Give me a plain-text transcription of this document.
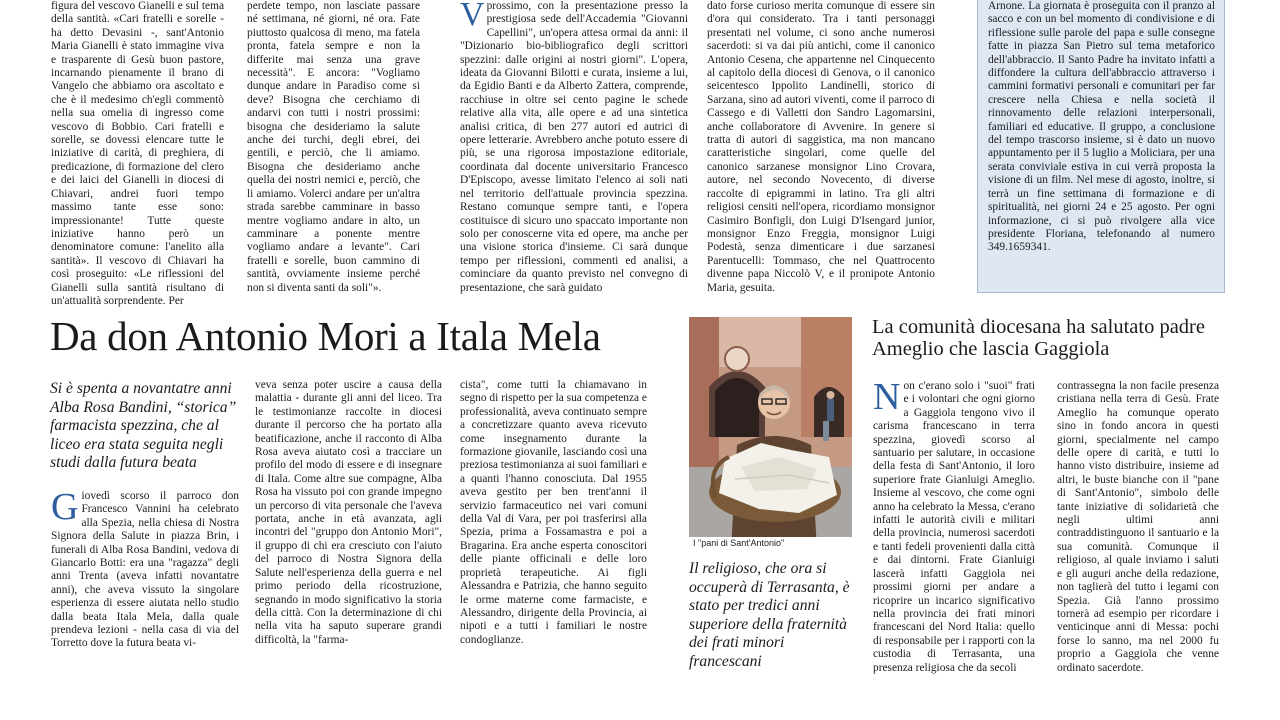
figura del vescovo Gianelli e sul tema della santità. «Cari fratelli e sorelle - ha detto Devasini -, sant'Antonio Maria Gianelli è stato immagine viva e trasparente di Gesù buon pastore, incarnando pienamente il brano di Vangelo che abbiamo ora ascoltato e che è il medesimo ch'egli commentò nella sua omelia di ingresso come vescovo di Bobbio. Cari fratelli e sorelle, se dovessi elencare tutte le iniziative di carità, di preghiera, di predicazione, di formazione del clero e dei laici del Gianelli in diocesi di Chiavari, andrei fuori tempo massimo tante esse sono: impressionante! Tutte queste iniziative hanno però un denominatore comune: l'anelito alla santità». Il vescovo di Chiavari ha così proseguito: «Le riflessioni del Gianelli sulla santità risultano di un'attualità sorprendente. Per

perdete tempo, non lasciate passare né settimana, né giorni, né ora. Fate piuttosto qualcosa di meno, ma fatela pronta, fatela sempre e non la differite mai senza una grave necessità". E ancora: "Vogliamo dunque andare in Paradiso come si deve? Bisogna che cerchiamo di andarvi con tutti i nostri prossimi: bisogna che desideriamo la salute anche dei turchi, degli ebrei, dei gentili, e perciò, che li amiamo. Bisogna che desideriamo anche quella dei nostri nemici e, perciò, che li amiamo. Volerci andare per un'altra strada sarebbe camminare in basso mentre vogliamo andare in alto, un camminare a ponente mentre vogliamo andare a levante". Cari fratelli e sorelle, buon cammino di santità, ovviamente insieme perché non si diventa santi da soli"».

Vprossimo, con la presentazione presso la prestigiosa sede dell'Accademia "Giovanni Capellini", un'opera attesa ormai da anni: il "Dizionario bio-bibliografico degli scrittori spezzini: dalle origini ai nostri giorni". L'opera, ideata da Giovanni Bilotti e curata, insieme a lui, da Egidio Banti e da Alberto Zattera, comprende, racchiuse in oltre sei cento pagine le schede relative alla vita, alle opere e ad una sintetica analisi critica, di ben 277 autori ed autrici di opere letterarie. Avrebbero anche potuto essere di più, se una rigorosa impostazione editoriale, coordinata dal docente universitario Francesco D'Episcopo, avesse limitato l'elenco ai soli nati nel territorio dell'attuale provincia spezzina. Restano comunque sempre tanti, e l'opera costituisce di sicuro uno spaccato importante non solo per conoscerne vita ed opere, ma anche per una visione storica d'insieme. Ci sarà dunque tempo per riflessioni, commenti ed analisi, a cominciare da quanto previsto nel convegno di presentazione, che sarà guidato

dato forse curioso merita comunque di essere sin d'ora qui considerato. Tra i tanti personaggi presentati nel volume, ci sono anche numerosi sacerdoti: si va dai più antichi, come il canonico Antonio Cesena, che appartenne nel Cinquecento al capitolo della diocesi di Genova, o il canonico seicentesco Ippolito Landinelli, storico di Sarzana, sino ad autori viventi, come il parroco di Cassego e di Valletti don Sandro Lagomarsini, anche collaboratore di Avvenire. In genere si tratta di autori di saggistica, ma non mancano caratteristiche singolari, come quelle del canonico sarzanese monsignor Lino Crovara, autore, nel secondo Novecento, di diverse raccolte di epigrammi in latino. Tra gli altri religiosi censiti nell'opera, ricordiamo monsignor Casimiro Bonfigli, don Luigi D'Isengard junior, monsignor Enzo Freggia, monsignor Luigi Podestà, senza dimenticare i due sarzanesi Parentucelli: Tommaso, che nel Quattrocento divenne papa Niccolò V, e il pronipote Antonio Maria, gesuita.

Arnone. La giornata è proseguita con il pranzo al sacco e con un bel momento di condivisione e di riflessione sulle parole del papa e sulle consegne fatte in piazza San Pietro sul tema metaforico dell'abbraccio. Il Santo Padre ha invitato infatti a diffondere la cultura dell'abbraccio attraverso i cammini formativi personali e comunitari per far crescere nella Chiesa e nella società il rinnovamento delle relazioni interpersonali, familiari ed educative. Il gruppo, a conclusione del tempo trascorso insieme, si è dato un nuovo appuntamento per il 5 luglio a Moliciara, per una serata conviviale estiva in cui verrà proposta la visione di un film. Nel mese di agosto, inoltre, si terrà un fine settimana di formazione e di spiritualità, nei giorni 24 e 25 agosto. Per ogni informazione, ci si può rivolgere alla vice presidente Floriana, telefonando al numero 349.1659341.

Da don Antonio Mori a Itala Mela
Si è spenta a novantatre anni Alba Rosa Bandini, “storica” farmacista spezzina, che al liceo era stata seguita negli studi dalla futura beata

Giovedì scorso il parroco don Francesco Vannini ha celebrato alla Spezia, nella chiesa di Nostra Signora della Salute in piazza Brin, i funerali di Alba Rosa Bandini, vedova di Giancarlo Botti: era una "ragazza" degli anni Trenta (aveva infatti novantatre anni), che aveva vissuto la singolare esperienza di essere aiutata nello studio dalla beata Itala Mela, dalla quale prendeva lezioni - nella casa di via del Torretto dove la futura beata vi-

veva senza poter uscire a causa della malattia - durante gli anni del liceo. Tra le testimonianze raccolte in diocesi durante il percorso che ha portato alla beatificazione, anche il racconto di Alba Rosa aveva aiutato così a tracciare un profilo del modo di essere e di insegnare di Itala. Come altre sue compagne, Alba Rosa ha vissuto poi con grande impegno un percorso di vita personale che l'aveva portata, anche in età avanzata, agli incontri del "gruppo don Antonio Mori", il gruppo di chi era cresciuto con l'aiuto del parroco di Nostra Signora della Salute nell'esperienza della guerra e nel primo periodo della ricostruzione, segnando in modo significativo la storia della città. Con la determinazione di chi nella vita ha saputo superare grandi difficoltà, la "farma-

cista", come tutti la chiamavano in segno di rispetto per la sua competenza e professionalità, aveva continuato sempre a concretizzare quanto aveva ricevuto come insegnamento durante la formazione giovanile, lasciando così una preziosa testimonianza ai suoi familiari e a quanti l'hanno conosciuta. Dal 1955 aveva gestito per ben trent'anni il servizio farmaceutico nei vari comuni della Val di Vara, per poi trasferirsi alla Spezia, prima a Fossamastra e poi a Bragarina. Era anche esperta conoscitori delle piante officinali e delle loro proprietà terapeutiche. Ai figli Alessandra e Patrizia, che hanno seguito le orme materne come farmaciste, e Alessandro, dirigente della Provincia, ai nipoti e a tutti i familiari le nostre condoglianze.

I "pani di Sant'Antonio"
Il religioso, che ora si occuperà di Terrasanta, è stato per tredici anni superiore della fraternità dei frati minori francescani
La comunità diocesana ha salutato padre Ameglio che lascia Gaggiola

Non c'erano solo i "suoi" frati e i volontari che ogni giorno a Gaggiola tengono vivo il carisma francescano in terra spezzina, giovedì scorso al santuario per salutare, in occasione della festa di Sant'Antonio, il loro superiore frate Gianluigi Ameglio. Insieme al vescovo, che come ogni anno ha celebrato la Messa, c'erano infatti le autorità civili e militari della provincia, numerosi sacerdoti e tanti fedeli provenienti dalla città e dai dintorni. Frate Gianluigi lascerà infatti Gaggiola nei prossimi giorni per andare a ricoprire un incarico significativo nella provincia dei frati minori francescani del Nord Italia: quello di responsabile per i rapporti con la custodia di Terrasanta, una presenza religiosa che da secoli

contrassegna la non facile presenza cristiana nella terra di Gesù. Frate Ameglio ha comunque operato sino in fondo ancora in questi giorni, specialmente nel campo delle opere di carità, e tutti lo hanno visto distribuire, insieme ad altri, le buste bianche con il "pane di Sant'Antonio", simbolo delle tante iniziative di solidarietà che negli ultimi anni contraddistinguono il santuario e la sua comunità. Comunque il religioso, al quale inviamo i saluti e gli auguri anche della redazione, non taglierà del tutto i legami con Spezia. Già l'anno prossimo tornerà ad esempio per ricordare i venticinque anni di Messa: pochi forse lo sanno, ma nel 2000 fu proprio a Gaggiola che venne ordinato sacerdote.
